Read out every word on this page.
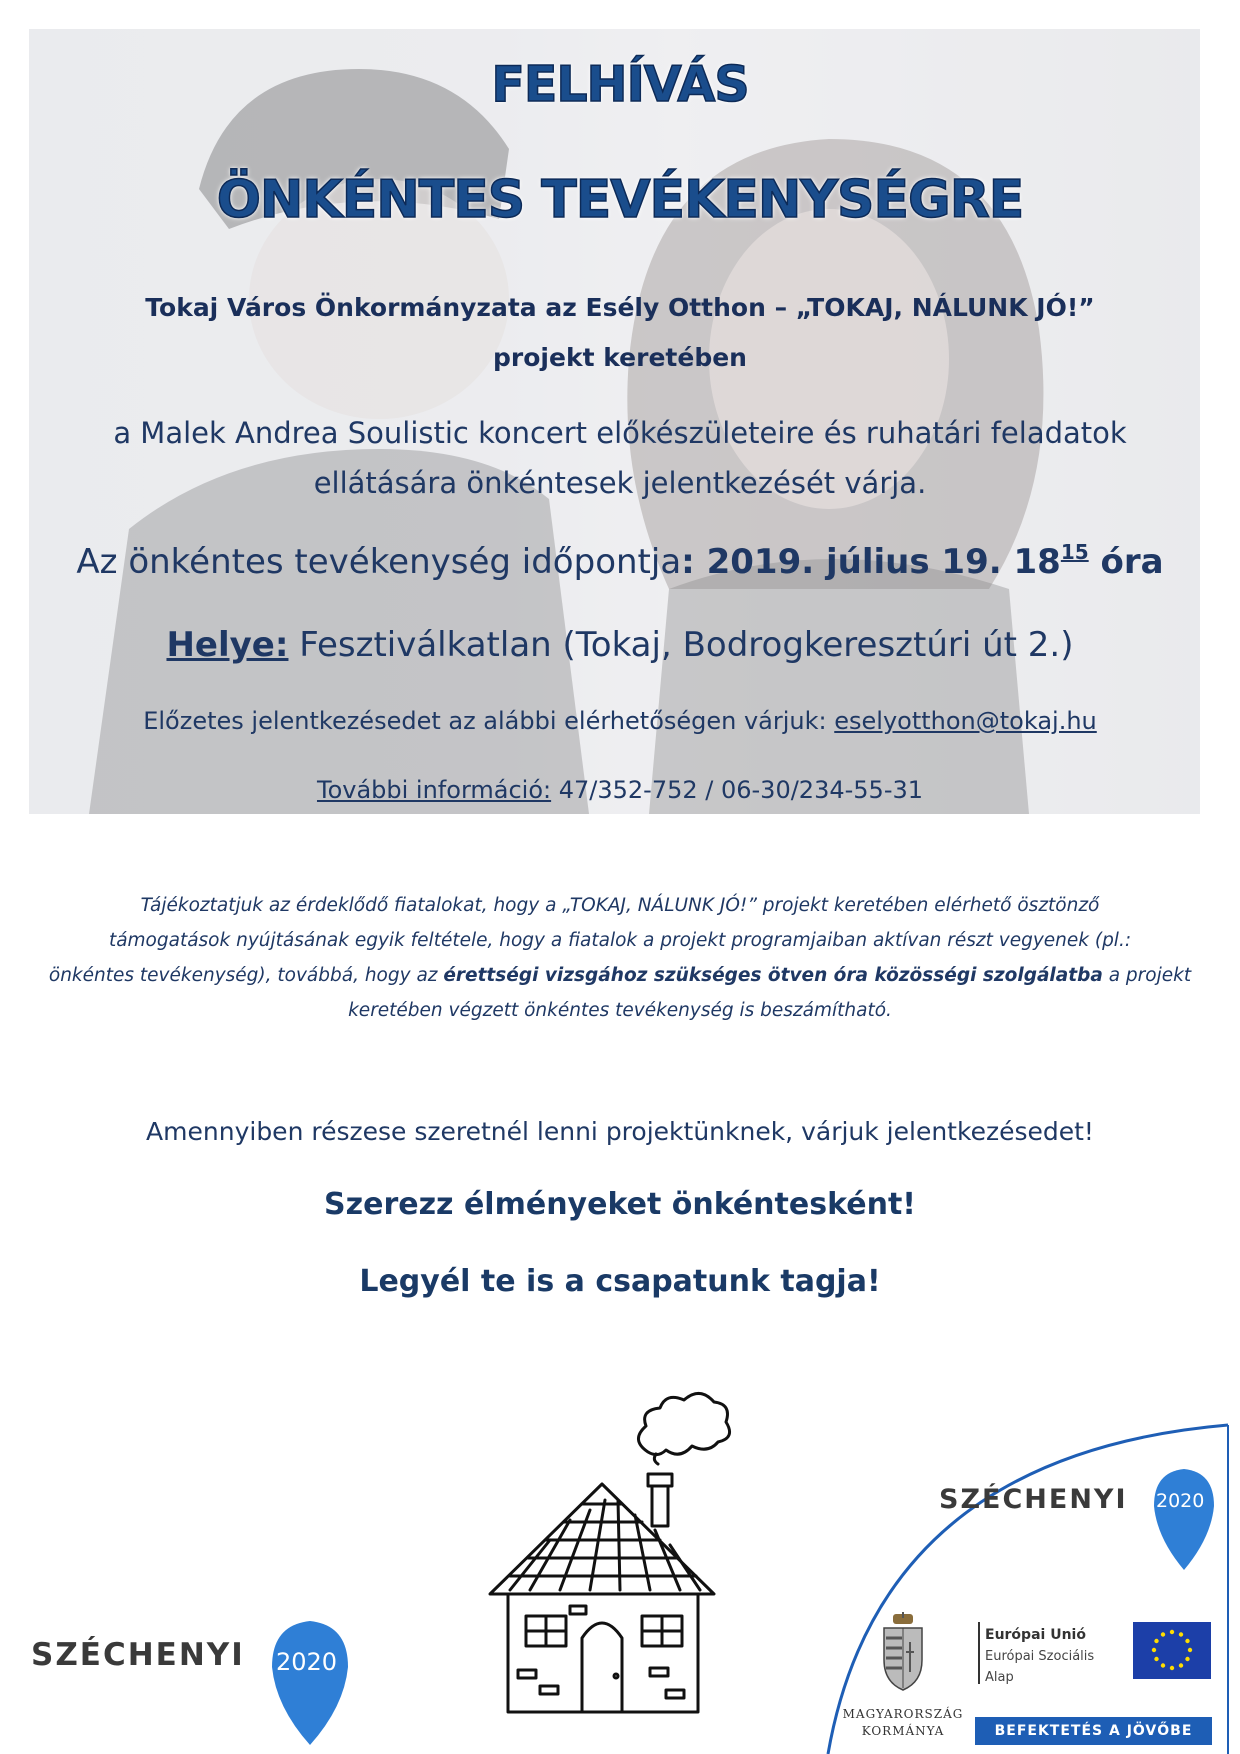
FELHÍVÁS
ÖNKÉNTES TEVÉKENYSÉGRE
Tokaj Város Önkormányzata az Esély Otthon – „TOKAJ, NÁLUNK JÓ!”
projekt keretében
a Malek Andrea Soulistic koncert előkészületeire és ruhatári feladatok
ellátására önkéntesek jelentkezését várja.
Az önkéntes tevékenység időpontja: 2019. július 19. $18^{15}$ óra
Helye: Fesztiválkatlan (Tokaj, Bodrogkeresztúri út 2.)
Előzetes jelentkezésedet az alábbi elérhetőségen várjuk: eselyotthon@tokaj.hu
További információ: 47/352-752 / 06-30/234-55-31
Tájékoztatjuk az érdeklődő fiatalokat, hogy a „TOKAJ, NÁLUNK JÓ!” projekt keretében elérhető ösztönző
támogatások nyújtásának egyik feltétele, hogy a fiatalok a projekt programjaiban aktívan részt vegyenek (pl.:
önkéntes tevékenység), továbbá, hogy az érettségi vizsgához szükséges ötven óra közösségi szolgálatba a projekt
keretében végzett önkéntes tevékenység is beszámítható.
Amennyiben részese szeretnél lenni projektünknek, várjuk jelentkezésedet!
Szerezz élményeket önkéntesként!
Legyél te is a csapatunk tagja!
SZÉCHENYI 2020
SZÉCHENYI 2020
MAGYARORSZÁG
KORMÁNYA
Európai Unió
Európai Szociális
Alap
BEFEKTETÉS A JÖVŐBE
